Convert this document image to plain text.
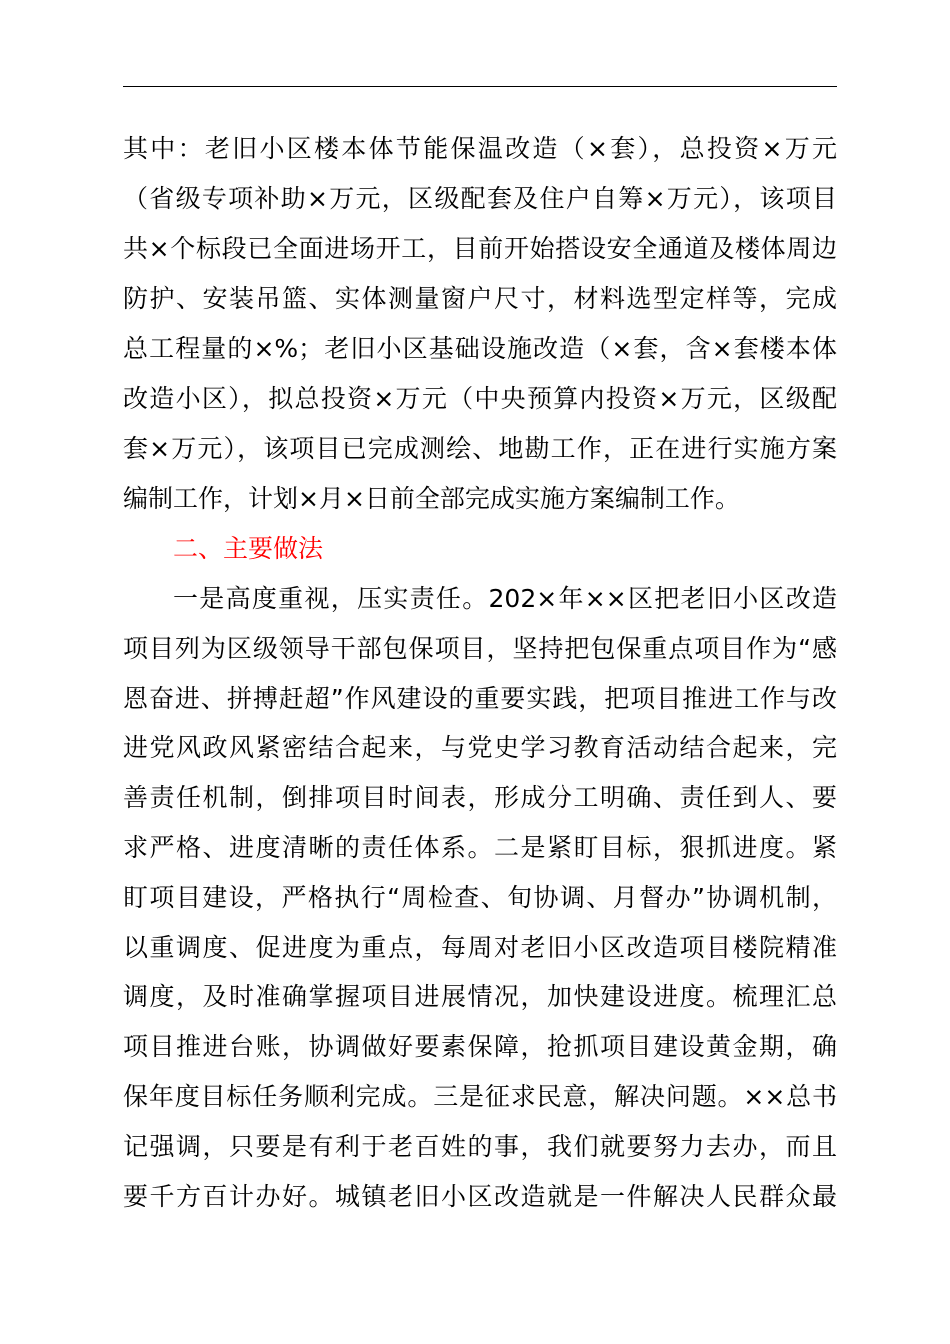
其中：老旧小区楼本体节能保温改造（×套），总投资×万元
（省级专项补助×万元，区级配套及住户自筹×万元），该项目
共×个标段已全面进场开工，目前开始搭设安全通道及楼体周边
防护、安装吊篮、实体测量窗户尺寸，材料选型定样等，完成
总工程量的×%；老旧小区基础设施改造（×套，含×套楼本体
改造小区），拟总投资×万元（中央预算内投资×万元，区级配
套×万元），该项目已完成测绘、地勘工作，正在进行实施方案
编制工作，计划×月×日前全部完成实施方案编制工作。
二、主要做法
一是高度重视，压实责任。202×年××区把老旧小区改造
项目列为区级领导干部包保项目，坚持把包保重点项目作为“感
恩奋进、拼搏赶超”作风建设的重要实践，把项目推进工作与改
进党风政风紧密结合起来，与党史学习教育活动结合起来，完
善责任机制，倒排项目时间表，形成分工明确、责任到人、要
求严格、进度清晰的责任体系。二是紧盯目标，狠抓进度。紧
盯项目建设，严格执行“周检查、旬协调、月督办”协调机制，
以重调度、促进度为重点，每周对老旧小区改造项目楼院精准
调度，及时准确掌握项目进展情况，加快建设进度。梳理汇总
项目推进台账，协调做好要素保障，抢抓项目建设黄金期，确
保年度目标任务顺利完成。三是征求民意，解决问题。××总书
记强调，只要是有利于老百姓的事，我们就要努力去办，而且
要千方百计办好。城镇老旧小区改造就是一件解决人民群众最
